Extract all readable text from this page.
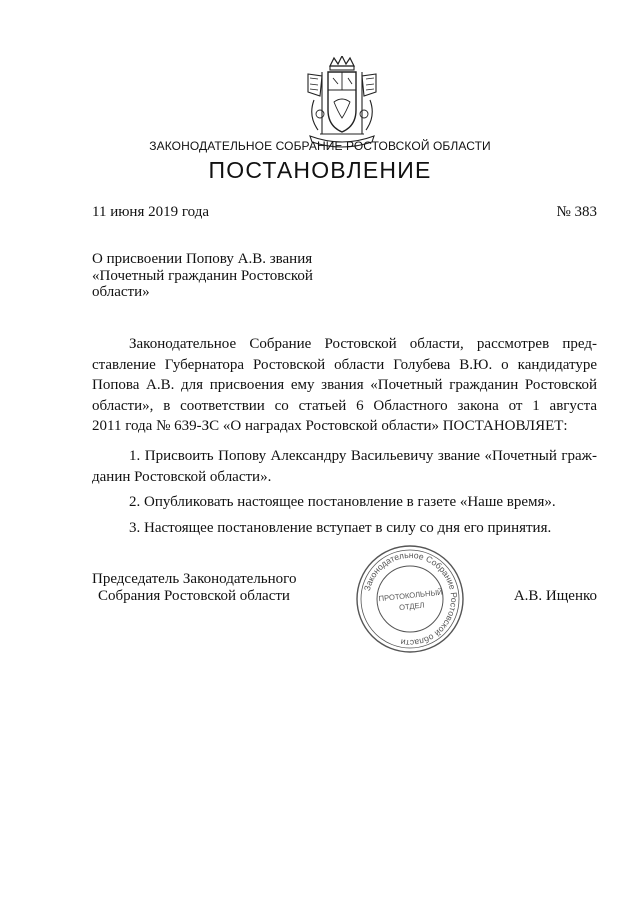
ЗАКОНОДАТЕЛЬНОЕ СОБРАНИЕ РОСТОВСКОЙ ОБЛАСТИ
ПОСТАНОВЛЕНИЕ
11 июня 2019 года	№ 383
О присвоении Попову А.В. звания
«Почетный гражданин Ростовской
области»
Законодательное Собрание Ростовской области, рассмотрев пред-
ставление Губернатора Ростовской области Голубева В.Ю. о кандидатуре
Попова А.В. для присвоения ему звания «Почетный гражданин Ростовской
области», в соответствии со статьей 6 Областного закона от 1 августа
2011 года № 639-ЗС «О наградах Ростовской области» ПОСТАНОВЛЯЕТ:
1. Присвоить Попову Александру Васильевичу звание «Почетный граж-
данин Ростовской области».
2. Опубликовать настоящее постановление в газете «Наше время».
3. Настоящее постановление вступает в силу со дня его принятия.
Председатель Законодательного
Собрания Ростовской области	А.В. Ищенко
Законодательное Собрание Ростовской области
ПРОТОКОЛЬНЫЙ
ОТДЕЛ
